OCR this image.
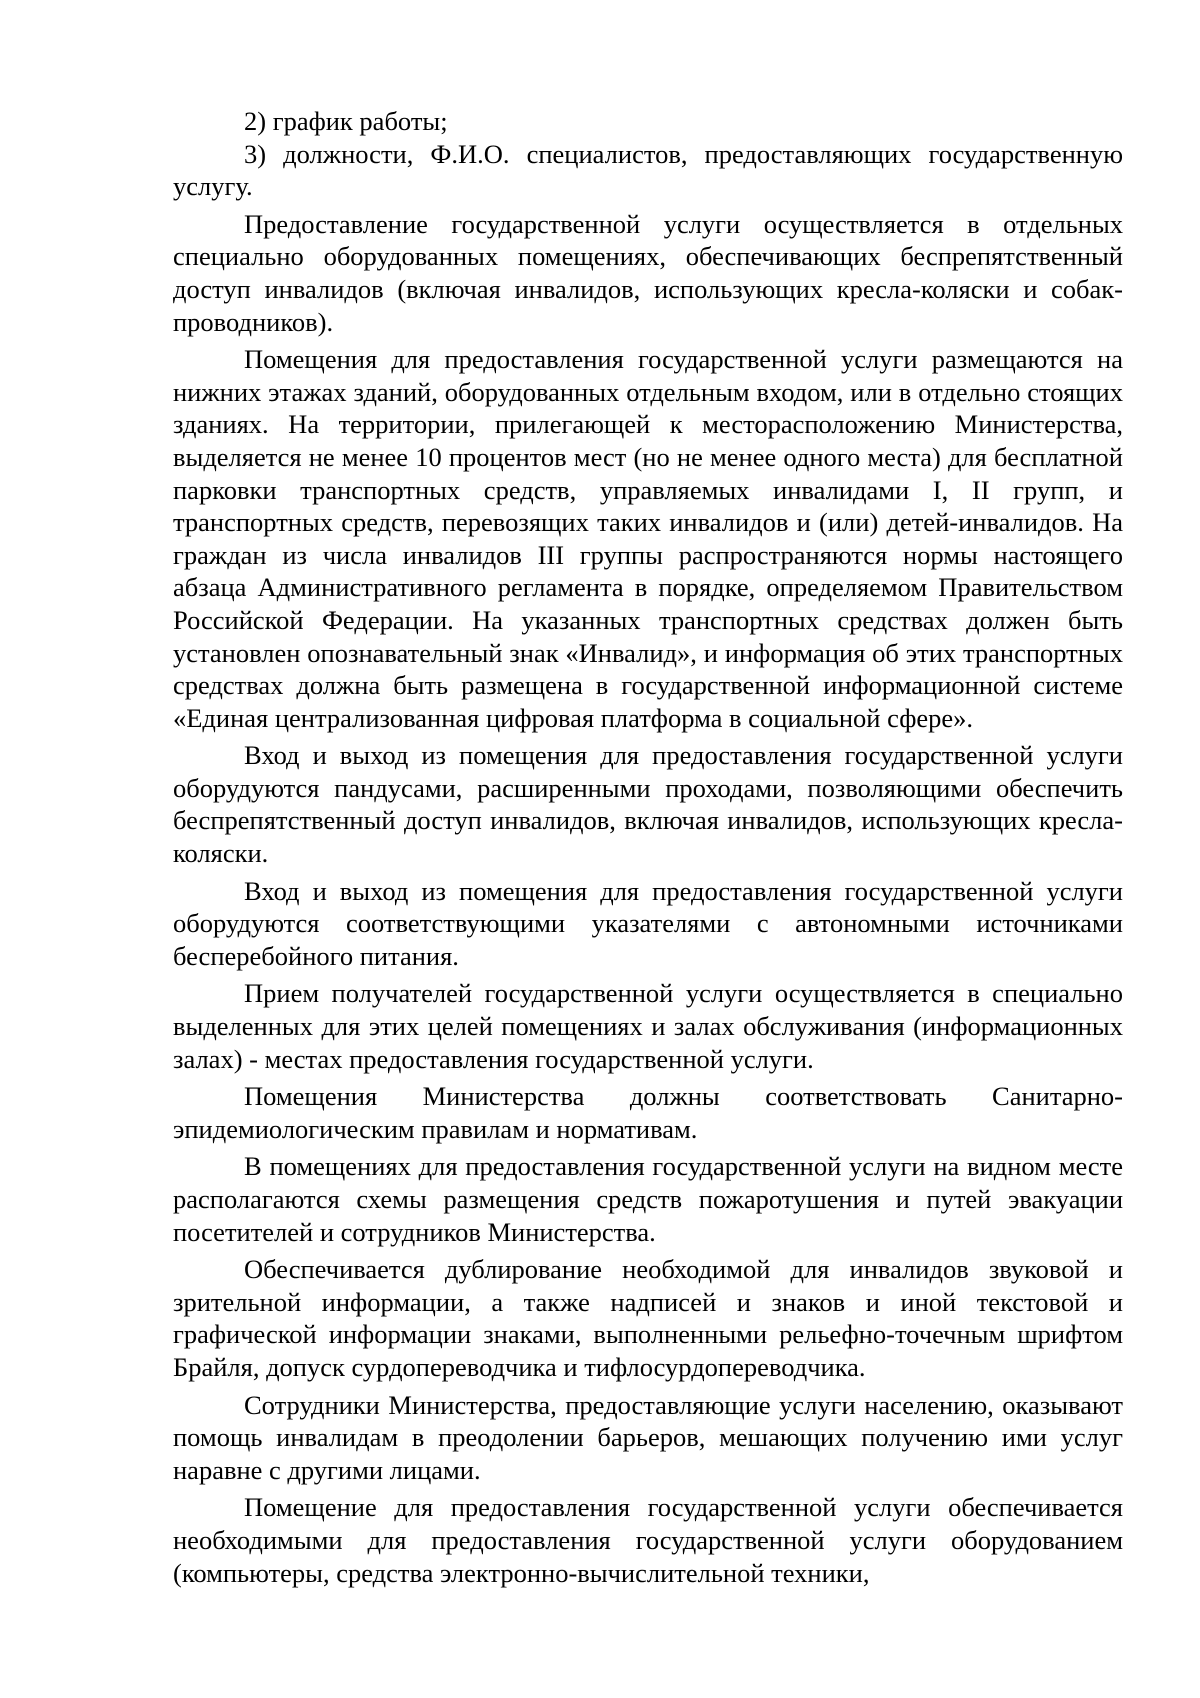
2) график работы;

3) должности, Ф.И.О. специалистов, предоставляющих государственную услугу.

Предоставление государственной услуги осуществляется в отдельных специально оборудованных помещениях, обеспечивающих беспрепятственный доступ инвалидов (включая инвалидов, использующих кресла-коляски и собак-проводников).

Помещения для предоставления государственной услуги размещаются на нижних этажах зданий, оборудованных отдельным входом, или в отдельно стоящих зданиях. На территории, прилегающей к месторасположению Министерства, выделяется не менее 10 процентов мест (но не менее одного места) для бесплатной парковки транспортных средств, управляемых инвалидами I, II групп, и транспортных средств, перевозящих таких инвалидов и (или) детей-инвалидов. На граждан из числа инвалидов III группы распространяются нормы настоящего абзаца Административного регламента в порядке, определяемом Правительством Российской Федерации. На указанных транспортных средствах должен быть установлен опознавательный знак «Инвалид», и информация об этих транспортных средствах должна быть размещена в государственной информационной системе «Единая централизованная цифровая платформа в социальной сфере».

Вход и выход из помещения для предоставления государственной услуги оборудуются пандусами, расширенными проходами, позволяющими обеспечить беспрепятственный доступ инвалидов, включая инвалидов, использующих кресла-коляски.

Вход и выход из помещения для предоставления государственной услуги оборудуются соответствующими указателями с автономными источниками бесперебойного питания.

Прием получателей государственной услуги осуществляется в специально выделенных для этих целей помещениях и залах обслуживания (информационных залах) - местах предоставления государственной услуги.

Помещения Министерства должны соответствовать Санитарно-эпидемиологическим правилам и нормативам.

В помещениях для предоставления государственной услуги на видном месте располагаются схемы размещения средств пожаротушения и путей эвакуации посетителей и сотрудников Министерства.

Обеспечивается дублирование необходимой для инвалидов звуковой и зрительной информации, а также надписей и знаков и иной текстовой и графической информации знаками, выполненными рельефно-точечным шрифтом Брайля, допуск сурдопереводчика и тифлосурдопереводчика.

Сотрудники Министерства, предоставляющие услуги населению, оказывают помощь инвалидам в преодолении барьеров, мешающих получению ими услуг наравне с другими лицами.

Помещение для предоставления государственной услуги обеспечивается необходимыми для предоставления государственной услуги оборудованием (компьютеры, средства электронно-вычислительной техники,
